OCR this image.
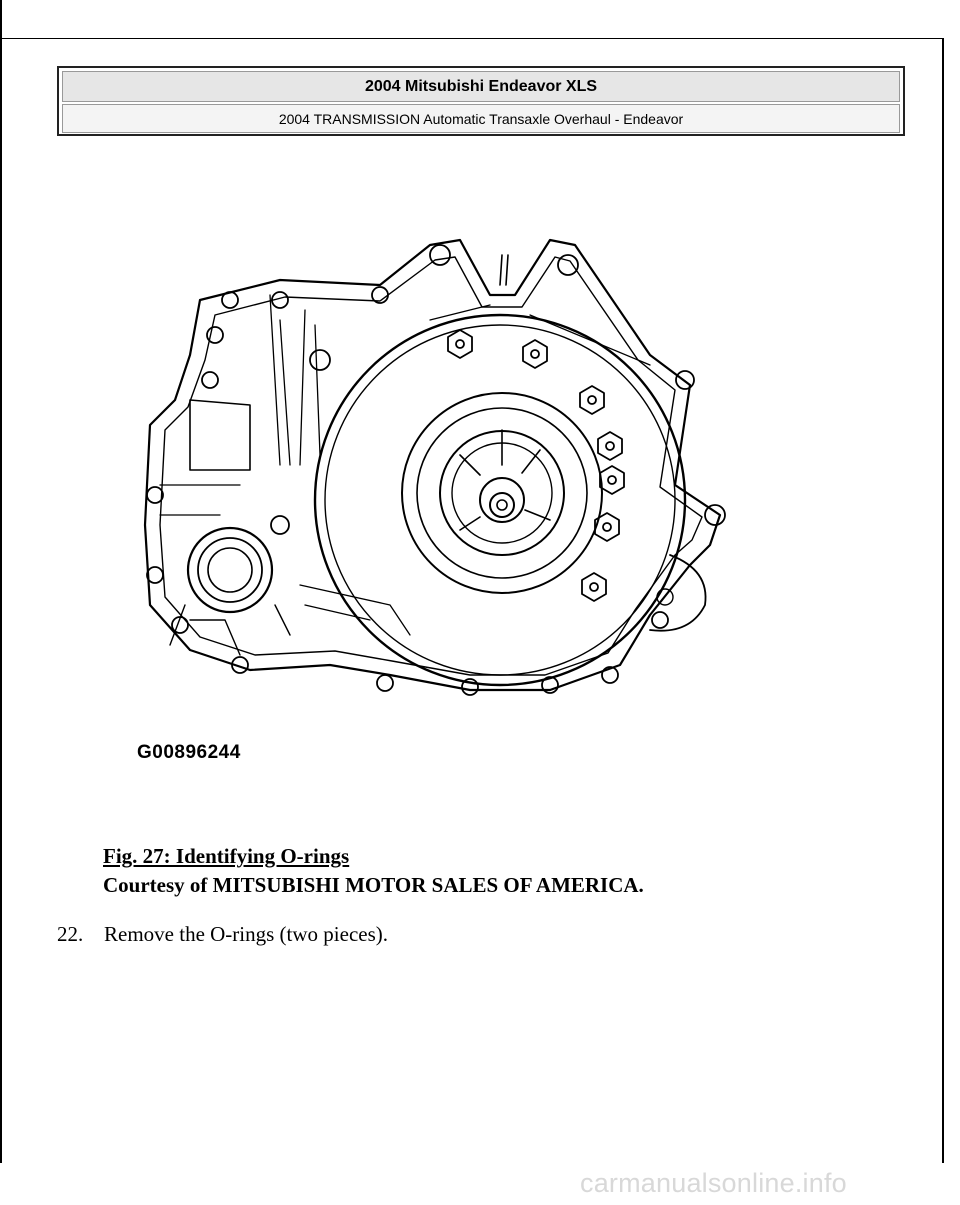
2004 Mitsubishi Endeavor XLS
2004 TRANSMISSION Automatic Transaxle Overhaul - Endeavor
G00896244
Fig. 27: Identifying O-rings
Courtesy of MITSUBISHI MOTOR SALES OF AMERICA.
22. Remove the O-rings (two pieces).
carmanualsonline.info
